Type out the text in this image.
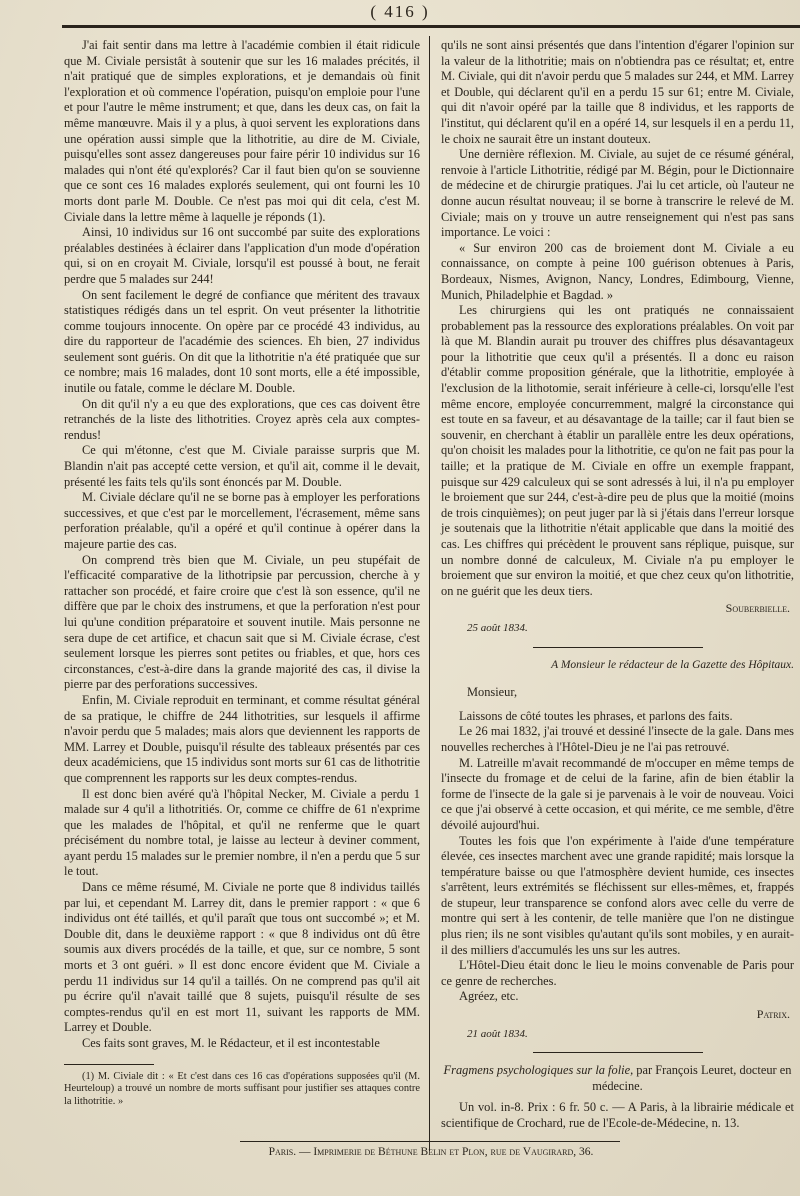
( 416 )

J'ai fait sentir dans ma lettre à l'académie combien il était ridicule que M. Civiale persistât à soutenir que sur les 16 malades précités, il n'ait pratiqué que de simples explorations, et je demandais où finit l'exploration et où commence l'opération, puisqu'on emploie pour l'une et pour l'autre le même instrument; et que, dans les deux cas, on fait la même manœuvre. Mais il y a plus, à quoi servent les explorations dans une opération aussi simple que la lithotritie, au dire de M. Civiale, puisqu'elles sont assez dangereuses pour faire périr 10 individus sur 16 malades qui n'ont été qu'explorés? Car il faut bien qu'on se souvienne que ce sont ces 16 malades explorés seulement, qui ont fourni les 10 morts dont parle M. Double. Ce n'est pas moi qui dit cela, c'est M. Civiale dans la lettre même à laquelle je réponds (1).

Ainsi, 10 individus sur 16 ont succombé par suite des explorations préalables destinées à éclairer dans l'application d'un mode d'opération qui, si on en croyait M. Civiale, lorsqu'il est poussé à bout, ne ferait perdre que 5 malades sur 244!

On sent facilement le degré de confiance que méritent des travaux statistiques rédigés dans un tel esprit. On veut présenter la lithotritie comme toujours innocente. On opère par ce procédé 43 individus, au dire du rapporteur de l'académie des sciences. Eh bien, 27 individus seulement sont guéris. On dit que la lithotritie n'a été pratiquée que sur ce nombre; mais 16 malades, dont 10 sont morts, elle a été impossible, inutile ou fatale, comme le déclare M. Double.

On dit qu'il n'y a eu que des explorations, que ces cas doivent être retranchés de la liste des lithotrities. Croyez après cela aux comptes-rendus!

Ce qui m'étonne, c'est que M. Civiale paraisse surpris que M. Blandin n'ait pas accepté cette version, et qu'il ait, comme il le devait, présenté les faits tels qu'ils sont énoncés par M. Double.

M. Civiale déclare qu'il ne se borne pas à employer les perforations successives, et que c'est par le morcellement, l'écrasement, même sans perforation préalable, qu'il a opéré et qu'il continue à opérer dans la majeure partie des cas.

On comprend très bien que M. Civiale, un peu stupéfait de l'efficacité comparative de la lithotripsie par percussion, cherche à y rattacher son procédé, et faire croire que c'est là son essence, qu'il ne diffère que par le choix des instrumens, et que la perforation n'est pour lui qu'une condition préparatoire et souvent inutile. Mais personne ne sera dupe de cet artifice, et chacun sait que si M. Civiale écrase, c'est seulement lorsque les pierres sont petites ou friables, et que, hors ces circonstances, c'est-à-dire dans la grande majorité des cas, il divise la pierre par des perforations successives.

Enfin, M. Civiale reproduit en terminant, et comme résultat général de sa pratique, le chiffre de 244 lithotrities, sur lesquels il affirme n'avoir perdu que 5 malades; mais alors que deviennent les rapports de MM. Larrey et Double, puisqu'il résulte des tableaux présentés par ces deux académiciens, que 15 individus sont morts sur 61 cas de lithotritie que comprennent les rapports sur les deux comptes-rendus.

Il est donc bien avéré qu'à l'hôpital Necker, M. Civiale a perdu 1 malade sur 4 qu'il a lithotritiés. Or, comme ce chiffre de 61 n'exprime que les malades de l'hôpital, et qu'il ne renferme que le quart précisément du nombre total, je laisse au lecteur à deviner comment, ayant perdu 15 malades sur le premier nombre, il n'en a perdu que 5 sur le tout.

Dans ce même résumé, M. Civiale ne porte que 8 individus taillés par lui, et cependant M. Larrey dit, dans le premier rapport : « que 6 individus ont été taillés, et qu'il paraît que tous ont succombé »; et M. Double dit, dans le deuxième rapport : « que 8 individus ont dû être soumis aux divers procédés de la taille, et que, sur ce nombre, 5 sont morts et 3 ont guéri. » Il est donc encore évident que M. Civiale a perdu 11 individus sur 14 qu'il a taillés. On ne comprend pas qu'il ait pu écrire qu'il n'avait taillé que 8 sujets, puisqu'il résulte de ses comptes-rendus qu'il en est mort 11, suivant les rapports de MM. Larrey et Double.

Ces faits sont graves, M. le Rédacteur, et il est incontestable

(1) M. Civiale dit : « Et c'est dans ces 16 cas d'opérations supposées qu'il (M. Heurteloup) a trouvé un nombre de morts suffisant pour justifier ses attaques contre la lithotritie. »

qu'ils ne sont ainsi présentés que dans l'intention d'égarer l'opinion sur la valeur de la lithotritie; mais on n'obtiendra pas ce résultat; et, entre M. Civiale, qui dit n'avoir perdu que 5 malades sur 244, et MM. Larrey et Double, qui déclarent qu'il en a perdu 15 sur 61; entre M. Civiale, qui dit n'avoir opéré par la taille que 8 individus, et les rapports de l'institut, qui déclarent qu'il en a opéré 14, sur lesquels il en a perdu 11, le choix ne saurait être un instant douteux.

Une dernière réflexion. M. Civiale, au sujet de ce résumé général, renvoie à l'article Lithotritie, rédigé par M. Bégin, pour le Dictionnaire de médecine et de chirurgie pratiques. J'ai lu cet article, où l'auteur ne donne aucun résultat nouveau; il se borne à transcrire le relevé de M. Civiale; mais on y trouve un autre renseignement qui n'est pas sans importance. Le voici :

« Sur environ 200 cas de broiement dont M. Civiale a eu connaissance, on compte à peine 100 guérison obtenues à Paris, Bordeaux, Nismes, Avignon, Nancy, Londres, Edimbourg, Vienne, Munich, Philadelphie et Bagdad. »

Les chirurgiens qui les ont pratiqués ne connaissaient probablement pas la ressource des explorations préalables. On voit par là que M. Blandin aurait pu trouver des chiffres plus désavantageux pour la lithotritie que ceux qu'il a présentés. Il a donc eu raison d'établir comme proposition générale, que la lithotritie, employée à l'exclusion de la lithotomie, serait inférieure à celle-ci, lorsqu'elle l'est même encore, employée concurremment, malgré la circonstance qui est toute en sa faveur, et au désavantage de la taille; car il faut bien se souvenir, en cherchant à établir un parallèle entre les deux opérations, qu'on choisit les malades pour la lithotritie, ce qu'on ne fait pas pour la taille; et la pratique de M. Civiale en offre un exemple frappant, puisque sur 429 calculeux qui se sont adressés à lui, il n'a pu employer le broiement que sur 244, c'est-à-dire peu de plus que la moitié (moins de trois cinquièmes); on peut juger par là si j'étais dans l'erreur lorsque je soutenais que la lithotritie n'était applicable que dans la moitié des cas. Les chiffres qui précèdent le prouvent sans réplique, puisque, sur un nombre donné de calculeux, M. Civiale n'a pu employer le broiement que sur environ la moitié, et que chez ceux qu'on lithotritie, on ne guérit que les deux tiers.

Souberbielle.
25 août 1834.
A Monsieur le rédacteur de la Gazette des Hôpitaux.
Monsieur,

Laissons de côté toutes les phrases, et parlons des faits.

Le 26 mai 1832, j'ai trouvé et dessiné l'insecte de la gale. Dans mes nouvelles recherches à l'Hôtel-Dieu je ne l'ai pas retrouvé.

M. Latreille m'avait recommandé de m'occuper en même temps de l'insecte du fromage et de celui de la farine, afin de bien établir la forme de l'insecte de la gale si je parvenais à le voir de nouveau. Voici ce que j'ai observé à cette occasion, et qui mérite, ce me semble, d'être dévoilé aujourd'hui.

Toutes les fois que l'on expérimente à l'aide d'une température élevée, ces insectes marchent avec une grande rapidité; mais lorsque la température baisse ou que l'atmosphère devient humide, ces insectes s'arrêtent, leurs extrémités se fléchissent sur elles-mêmes, et, frappés de stupeur, leur transparence se confond alors avec celle du verre de montre qui sert à les contenir, de telle manière que l'on ne distingue plus rien; ils ne sont visibles qu'autant qu'ils sont mobiles, y en aurait-il des milliers d'accumulés les uns sur les autres.

L'Hôtel-Dieu était donc le lieu le moins convenable de Paris pour ce genre de recherches.

Agréez, etc.

Patrix.
21 août 1834.
Fragmens psychologiques sur la folie, par François Leuret, docteur en médecine.

Un vol. in-8. Prix : 6 fr. 50 c. — A Paris, à la librairie médicale et scientifique de Crochard, rue de l'Ecole-de-Médecine, n. 13.

Paris. — Imprimerie de Béthune Belin et Plon, rue de Vaugirard, 36.
